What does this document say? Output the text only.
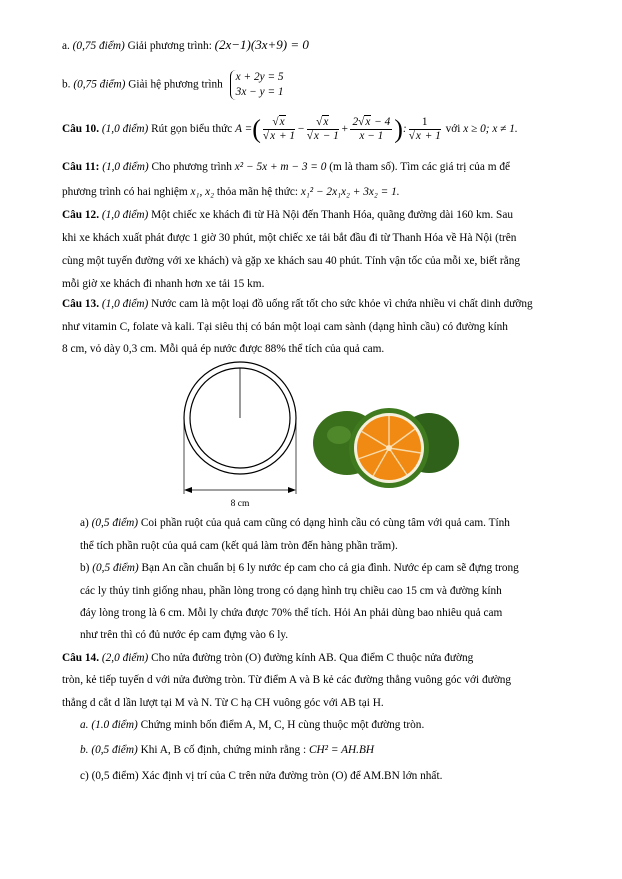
a. (0,75 điểm) Giải phương trình: (2x−1)(3x+9) = 0
b. (0,75 điểm) Giải hệ phương trình
x + 2y = 5
3x − y = 1
Câu 10. (1,0 điểm) Rút gọn biểu thức A =( $\frac{√x}{√x + 1} - \frac{√x}{√x - 1} + \frac{2√x - 4}{x - 1}$ ): $\frac{1}{√x + 1}$ với x ≥ 0; x ≠ 1.
Câu 11: (1,0 điểm) Cho phương trình x² − 5x + m − 3 = 0 (m là tham số). Tìm các giá trị của m để
phương trình có hai nghiệm x₁, x₂ thỏa mãn hệ thức: x₁² − 2x₁x₂ + 3x₂ = 1.
Câu 12. (1,0 điểm) Một chiếc xe khách đi từ Hà Nội đến Thanh Hóa, quãng đường dài 160 km. Sau
khi xe khách xuất phát được 1 giờ 30 phút, một chiếc xe tải bắt đầu đi từ Thanh Hóa về Hà Nội (trên
cùng một tuyến đường với xe khách) và gặp xe khách sau 40 phút. Tính vận tốc của mỗi xe, biết rằng
mỗi giờ xe khách đi nhanh hơn xe tải 15 km.
Câu 13. (1,0 điểm) Nước cam là một loại đồ uống rất tốt cho sức khỏe vì chứa nhiều vi chất dinh dưỡng
như vitamin C, folate và kali. Tại siêu thị có bán một loại cam sành (dạng hình cầu) có đường kính
8 cm, vỏ dày 0,3 cm. Mỗi quả ép nước được 88% thể tích của quả cam.
8 cm
a) (0,5 điểm) Coi phần ruột của quả cam cũng có dạng hình cầu có cùng tâm với quả cam. Tính
thể tích phần ruột của quả cam (kết quả làm tròn đến hàng phần trăm).
b) (0,5 điểm) Bạn An cần chuẩn bị 6 ly nước ép cam cho cả gia đình. Nước ép cam sẽ đựng trong
các ly thủy tinh giống nhau, phần lòng trong có dạng hình trụ chiều cao 15 cm và đường kính
đáy lòng trong là 6 cm. Mỗi ly chứa được 70% thể tích. Hỏi An phải dùng bao nhiêu quả cam
như trên thì có đủ nước ép cam đựng vào 6 ly.
Câu 14. (2,0 điểm) Cho nửa đường tròn (O) đường kính AB. Qua điểm C thuộc nửa đường
tròn, kẻ tiếp tuyến d với nửa đường tròn. Từ điểm A và B kẻ các đường thẳng vuông góc với đường
thẳng d cắt d lần lượt tại M và N. Từ C hạ CH vuông góc với AB tại H.
a. (1.0 điểm) Chứng minh bốn điểm A, M, C, H cùng thuộc một đường tròn.
b. (0,5 điểm) Khi A, B cố định, chứng minh rằng : CH² = AH.BH
c) (0,5 điểm) Xác định vị trí của C trên nửa đường tròn (O) để AM.BN lớn nhất.
